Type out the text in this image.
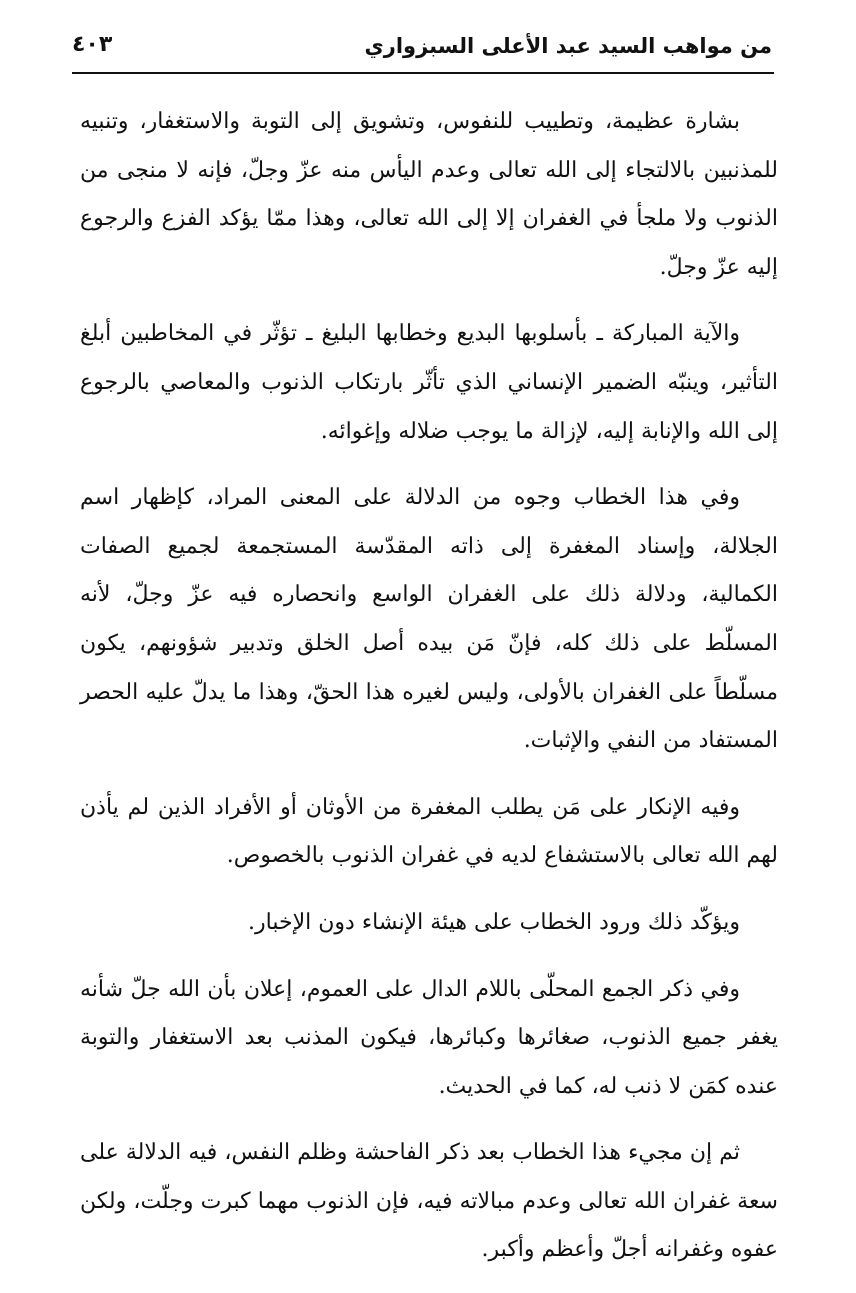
من مواهب السيد عبد الأعلى السبزواري
٤٠٣

بشارة عظيمة، وتطييب للنفوس، وتشويق إلى التوبة والاستغفار، وتنبيه للمذنبين بالالتجاء إلى الله تعالى وعدم اليأس منه عزّ وجلّ، فإنه لا منجى من الذنوب ولا ملجأ في الغفران إلا إلى الله تعالى، وهذا ممّا يؤكد الفزع والرجوع إليه عزّ وجلّ.

والآية المباركة ـ بأسلوبها البديع وخطابها البليغ ـ تؤثّر في المخاطبين أبلغ التأثير، وينبّه الضمير الإنساني الذي تأثّر بارتكاب الذنوب والمعاصي بالرجوع إلى الله والإنابة إليه، لإزالة ما يوجب ضلاله وإغوائه.

وفي هذا الخطاب وجوه من الدلالة على المعنى المراد، كإظهار اسم الجلالة، وإسناد المغفرة إلى ذاته المقدّسة المستجمعة لجميع الصفات الكمالية، ودلالة ذلك على الغفران الواسع وانحصاره فيه عزّ وجلّ، لأنه المسلّط على ذلك كله، فإنّ مَن بيده أصل الخلق وتدبير شؤونهم، يكون مسلّطاً على الغفران بالأولى، وليس لغيره هذا الحقّ، وهذا ما يدلّ عليه الحصر المستفاد من النفي والإثبات.

وفيه الإنكار على مَن يطلب المغفرة من الأوثان أو الأفراد الذين لم يأذن لهم الله تعالى بالاستشفاع لديه في غفران الذنوب بالخصوص.

ويؤكّد ذلك ورود الخطاب على هيئة الإنشاء دون الإخبار.

وفي ذكر الجمع المحلّى باللام الدال على العموم، إعلان بأن الله جلّ شأنه يغفر جميع الذنوب، صغائرها وكبائرها، فيكون المذنب بعد الاستغفار والتوبة عنده كمَن لا ذنب له، كما في الحديث.

ثم إن مجيء هذا الخطاب بعد ذكر الفاحشة وظلم النفس، فيه الدلالة على سعة غفران الله تعالى وعدم مبالاته فيه، فإن الذنوب مهما كبرت وجلّت، ولكن عفوه وغفرانه أجلّ وأعظم وأكبر.
